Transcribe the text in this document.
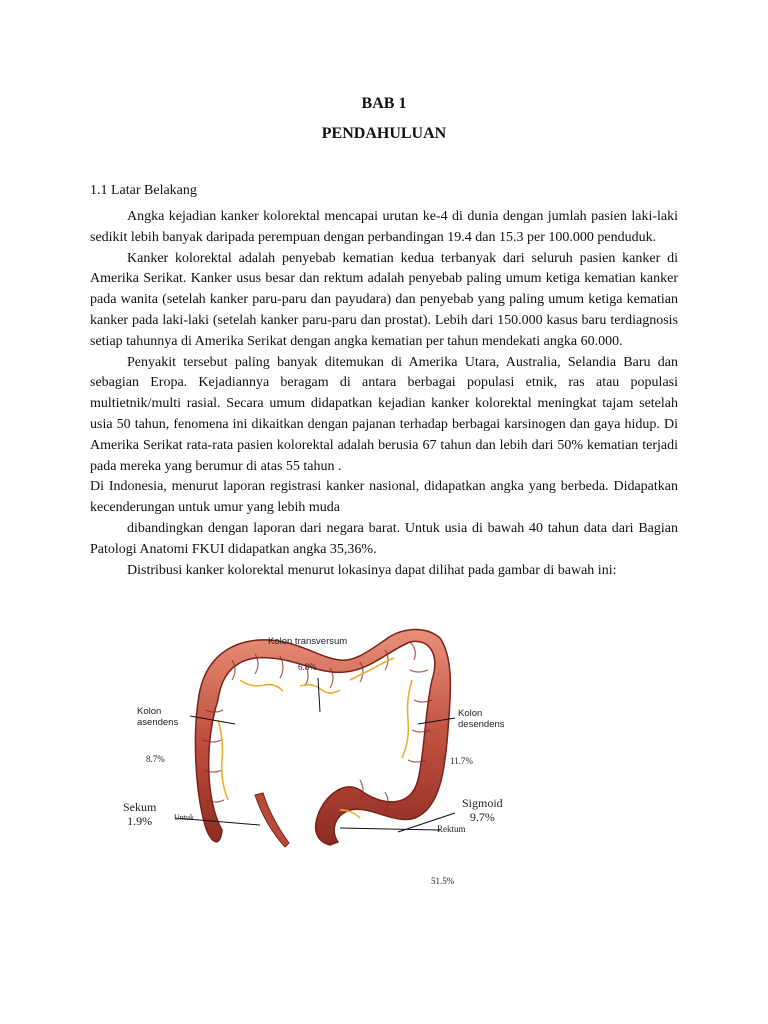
BAB 1
PENDAHULUAN
1.1 Latar Belakang

Angka kejadian kanker kolorektal mencapai urutan ke-4 di dunia dengan jumlah pasien laki-laki sedikit lebih banyak daripada perempuan dengan perbandingan 19.4 dan 15.3 per 100.000 penduduk.

Kanker kolorektal adalah penyebab kematian kedua terbanyak dari seluruh pasien kanker di Amerika Serikat. Kanker usus besar dan rektum adalah penyebab paling umum ketiga kematian kanker pada wanita (setelah kanker paru-paru dan payudara) dan penyebab yang paling umum ketiga kematian kanker pada laki-laki (setelah kanker paru-paru dan prostat). Lebih dari 150.000 kasus baru terdiagnosis setiap tahunnya di Amerika Serikat dengan angka kematian per tahun mendekati angka 60.000.

Penyakit tersebut paling banyak ditemukan di Amerika Utara, Australia, Selandia Baru dan sebagian Eropa. Kejadiannya beragam di antara berbagai populasi etnik, ras atau populasi multietnik/multi rasial. Secara umum didapatkan kejadian kanker kolorektal meningkat tajam setelah usia 50 tahun, fenomena ini dikaitkan dengan pajanan terhadap berbagai karsinogen dan gaya hidup. Di Amerika Serikat rata-rata pasien kolorektal adalah berusia 67 tahun dan lebih dari 50% kematian terjadi pada mereka yang berumur di atas 55 tahun .

Di Indonesia, menurut laporan registrasi kanker nasional, didapatkan angka yang berbeda. Didapatkan kecenderungan untuk umur yang lebih muda

dibandingkan dengan laporan dari negara barat. Untuk usia di bawah 40 tahun data dari Bagian Patologi Anatomi FKUI didapatkan angka 35,36%.

Distribusi kanker kolorektal menurut lokasinya dapat dilihat pada gambar di bawah ini:

Kolon transversum
6.8%
Kolon
asendens
8.7%
Kolon
desendens
11.7%
Sekum
1.9%
Sigmoid
9.7%
Untuk
Rektum
51.5%
